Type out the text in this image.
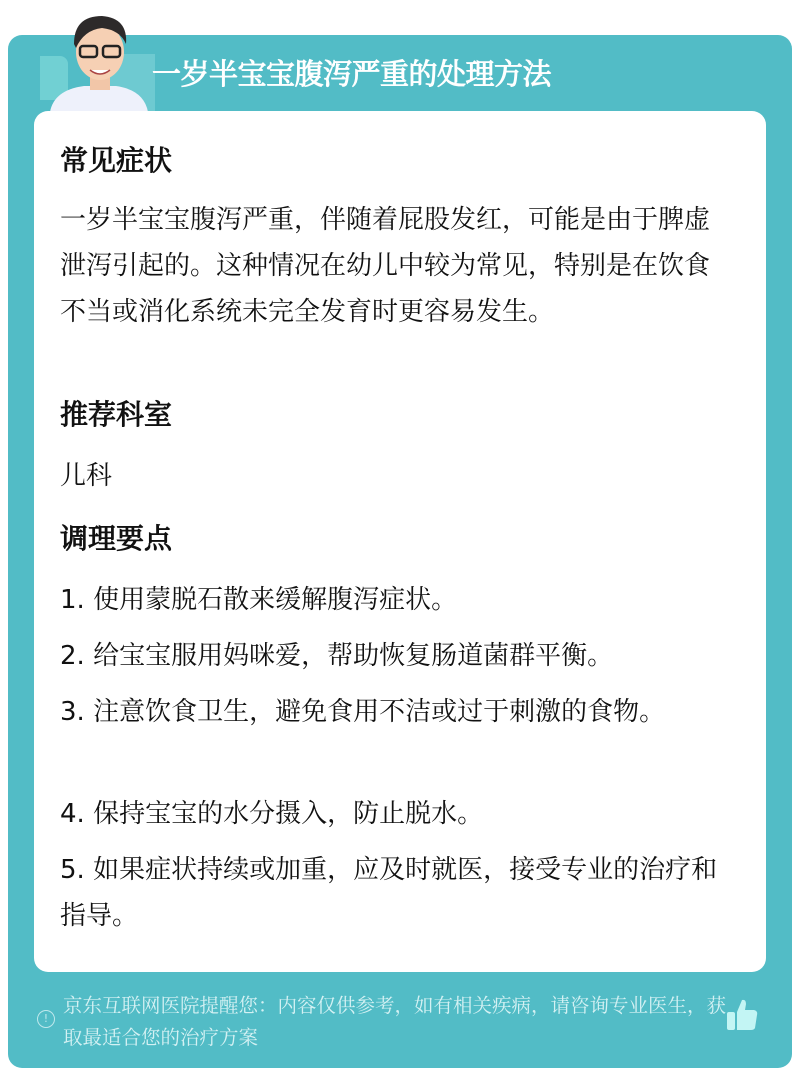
一岁半宝宝腹泻严重的处理方法
常见症状
一岁半宝宝腹泻严重，伴随着屁股发红，可能是由于脾虚泄泻引起的。这种情况在幼儿中较为常见，特别是在饮食不当或消化系统未完全发育时更容易发生。
推荐科室
儿科
调理要点
1. 使用蒙脱石散来缓解腹泻症状。
2. 给宝宝服用妈咪爱，帮助恢复肠道菌群平衡。
3. 注意饮食卫生，避免食用不洁或过于刺激的食物。
4. 保持宝宝的水分摄入，防止脱水。
5. 如果症状持续或加重，应及时就医，接受专业的治疗和指导。
!
京东互联网医院提醒您：内容仅供参考，如有相关疾病，请咨询专业医生，获取最适合您的治疗方案
